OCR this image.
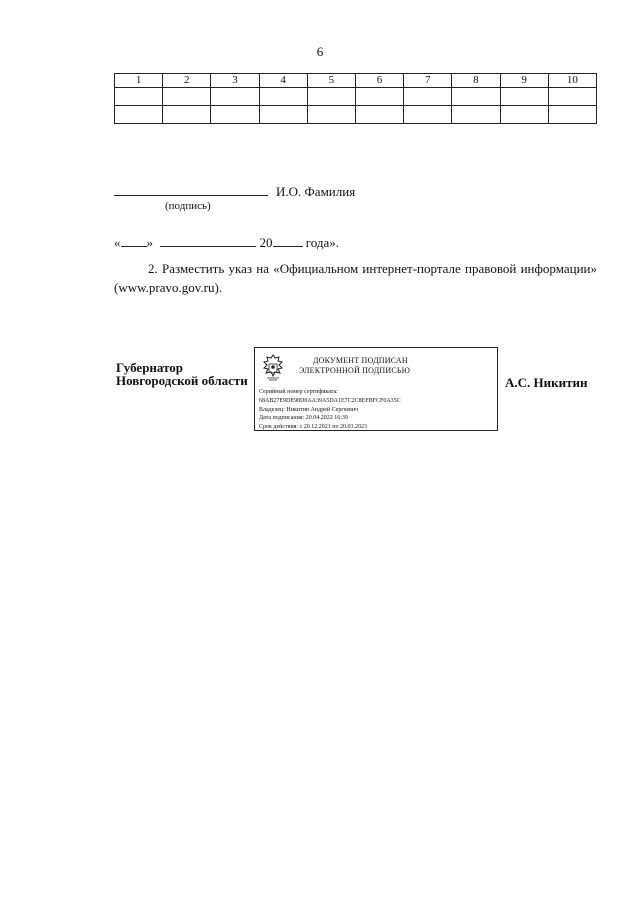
6
1	2	3	4	5	6	7	8	9	10

И.О. Фамилия
(подпись)
« »	20	года».
2. Разместить указ на «Официальном интернет-портале правовой информации» (www.pravo.gov.ru).
Губернатор
Новгородской области
ДОКУМЕНТ ПОДПИСАН
ЭЛЕКТРОННОЙ ПОДПИСЬЮ
Серийный номер сертификата:
68AB27E9DE98D0AA39A5DA1E7C2C8EFBFCF0A35C
Владелец: Никитин Андрей Сергеевич
Дата подписания: 20.04.2022 16:39
Срок действия: с 20.12.2021 по 20.03.2023
А.С. Никитин
